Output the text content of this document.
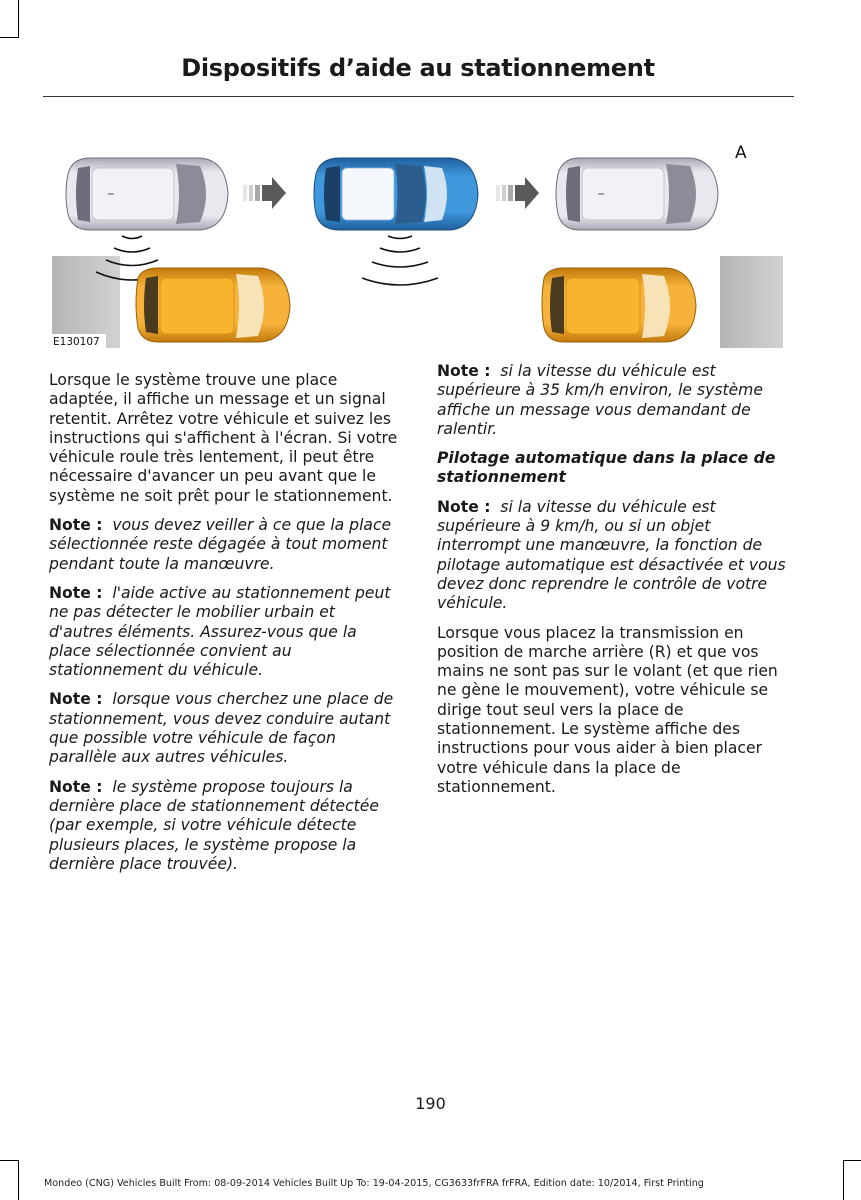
Dispositifs d’aide au stationnement
A
E130107

Lorsque le système trouve une place adaptée, il affiche un message et un signal retentit. Arrêtez votre véhicule et suivez les instructions qui s'affichent à l'écran. Si votre véhicule roule très lentement, il peut être nécessaire d'avancer un peu avant que le système ne soit prêt pour le stationnement.

Note : vous devez veiller à ce que la place sélectionnée reste dégagée à tout moment pendant toute la manœuvre.

Note : l'aide active au stationnement peut ne pas détecter le mobilier urbain et d'autres éléments. Assurez-vous que la place sélectionnée convient au stationnement du véhicule.

Note : lorsque vous cherchez une place de stationnement, vous devez conduire autant que possible votre véhicule de façon parallèle aux autres véhicules.

Note : le système propose toujours la dernière place de stationnement détectée (par exemple, si votre véhicule détecte plusieurs places, le système propose la dernière place trouvée).

Note : si la vitesse du véhicule est supérieure à 35 km/h environ, le système affiche un message vous demandant de ralentir.

Pilotage automatique dans la place de stationnement

Note : si la vitesse du véhicule est supérieure à 9 km/h, ou si un objet interrompt une manœuvre, la fonction de pilotage automatique est désactivée et vous devez donc reprendre le contrôle de votre véhicule.

Lorsque vous placez la transmission en position de marche arrière (R) et que vos mains ne sont pas sur le volant (et que rien ne gène le mouvement), votre véhicule se dirige tout seul vers la place de stationnement. Le système affiche des instructions pour vous aider à bien placer votre véhicule dans la place de stationnement.

190
Mondeo (CNG) Vehicles Built From: 08-09-2014 Vehicles Built Up To: 19-04-2015, CG3633frFRA frFRA, Edition date: 10/2014, First Printing
